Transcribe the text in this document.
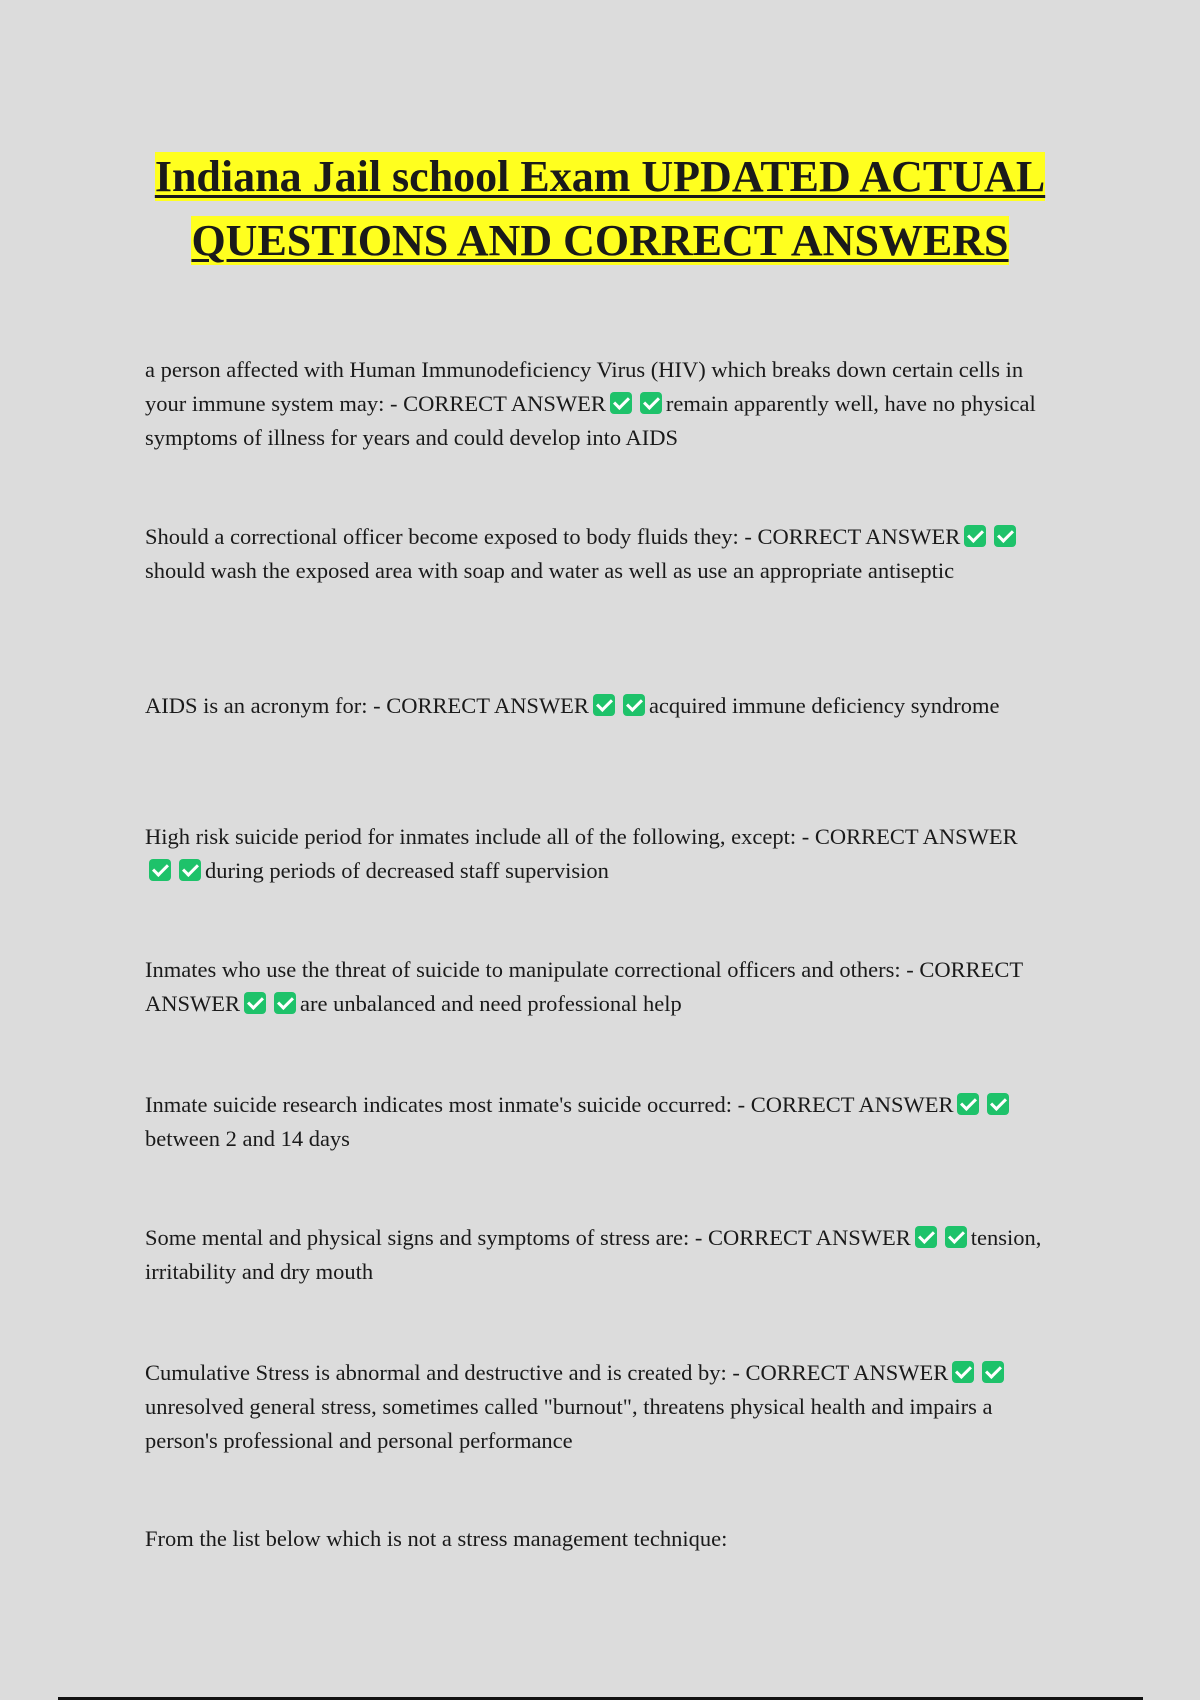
Indiana Jail school Exam UPDATED ACTUAL QUESTIONS AND CORRECT ANSWERS

a person affected with Human Immunodeficiency Virus (HIV) which breaks down certain cells in your immune system may: - CORRECT ANSWER	remain apparently well, have no physical symptoms of illness for years and could develop into AIDS

Should a correctional officer become exposed to body fluids they: - CORRECT ANSWERshould wash the exposed area with soap and water as well as use an appropriate antiseptic

AIDS is an acronym for: - CORRECT ANSWER	acquired immune deficiency syndrome

High risk suicide period for inmates include all of the following, except: - CORRECT ANSWERduring periods of decreased staff supervision

Inmates who use the threat of suicide to manipulate correctional officers and others: - CORRECT ANSWER	are unbalanced and need professional help

Inmate suicide research indicates most inmate's suicide occurred: - CORRECT ANSWERbetween 2 and 14 days

Some mental and physical signs and symptoms of stress are: - CORRECT ANSWER	tension, irritability and dry mouth

Cumulative Stress is abnormal and destructive and is created by: - CORRECT ANSWERunresolved general stress, sometimes called "burnout", threatens physical health and impairs a person's professional and personal performance

From the list below which is not a stress management technique:
